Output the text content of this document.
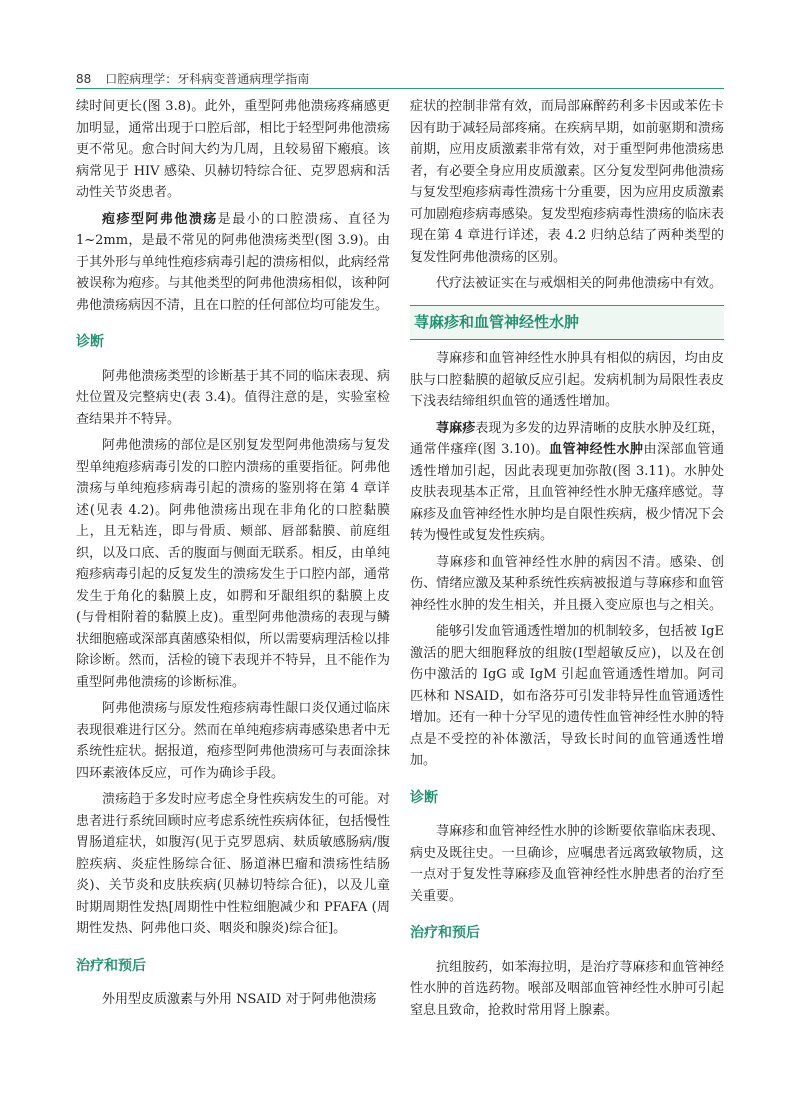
88 口腔病理学：牙科病变普通病理学指南

续时间更长(图 3.8)。此外，重型阿弗他溃疡疼痛感更加明显，通常出现于口腔后部，相比于轻型阿弗他溃疡更不常见。愈合时间大约为几周，且较易留下瘢痕。该病常见于 HIV 感染、贝赫切特综合征、克罗恩病和活动性关节炎患者。

疱疹型阿弗他溃疡是最小的口腔溃疡、直径为 1~2mm，是最不常见的阿弗他溃疡类型(图 3.9)。由于其外形与单纯性疱疹病毒引起的溃疡相似，此病经常被误称为疱疹。与其他类型的阿弗他溃疡相似，该种阿弗他溃疡病因不清，且在口腔的任何部位均可能发生。

诊断

阿弗他溃疡类型的诊断基于其不同的临床表现、病灶位置及完整病史(表 3.4)。值得注意的是，实验室检查结果并不特异。

阿弗他溃疡的部位是区别复发型阿弗他溃疡与复发型单纯疱疹病毒引发的口腔内溃疡的重要指征。阿弗他溃疡与单纯疱疹病毒引起的溃疡的鉴别将在第 4 章详述(见表 4.2)。阿弗他溃疡出现在非角化的口腔黏膜上，且无粘连，即与骨质、颊部、唇部黏膜、前庭组织，以及口底、舌的腹面与侧面无联系。相反，由单纯疱疹病毒引起的反复发生的溃疡发生于口腔内部，通常发生于角化的黏膜上皮，如腭和牙龈组织的黏膜上皮(与骨相附着的黏膜上皮)。重型阿弗他溃疡的表现与鳞状细胞癌或深部真菌感染相似，所以需要病理活检以排除诊断。然而，活检的镜下表现并不特异，且不能作为重型阿弗他溃疡的诊断标准。

阿弗他溃疡与原发性疱疹病毒性龈口炎仅通过临床表现很难进行区分。然而在单纯疱疹病毒感染患者中无系统性症状。据报道，疱疹型阿弗他溃疡可与表面涂抹四环素液体反应，可作为确诊手段。

溃疡趋于多发时应考虑全身性疾病发生的可能。对患者进行系统回顾时应考虑系统性疾病体征，包括慢性胃肠道症状，如腹泻(见于克罗恩病、麸质敏感肠病/腹腔疾病、炎症性肠综合征、肠道淋巴瘤和溃疡性结肠炎)、关节炎和皮肤疾病(贝赫切特综合征)，以及儿童时期周期性发热[周期性中性粒细胞减少和 PFAFA (周期性发热、阿弗他口炎、咽炎和腺炎)综合征]。

治疗和预后

外用型皮质激素与外用 NSAID 对于阿弗他溃疡

症状的控制非常有效，而局部麻醉药利多卡因或苯佐卡因有助于减轻局部疼痛。在疾病早期，如前驱期和溃疡前期，应用皮质激素非常有效，对于重型阿弗他溃疡患者，有必要全身应用皮质激素。区分复发型阿弗他溃疡与复发型疱疹病毒性溃疡十分重要，因为应用皮质激素可加剧疱疹病毒感染。复发型疱疹病毒性溃疡的临床表现在第 4 章进行详述，表 4.2 归纳总结了两种类型的复发性阿弗他溃疡的区别。

代疗法被证实在与戒烟相关的阿弗他溃疡中有效。

荨麻疹和血管神经性水肿

荨麻疹和血管神经性水肿具有相似的病因，均由皮肤与口腔黏膜的超敏反应引起。发病机制为局限性表皮下浅表结缔组织血管的通透性增加。

荨麻疹表现为多发的边界清晰的皮肤水肿及红斑，通常伴瘙痒(图 3.10)。血管神经性水肿由深部血管通透性增加引起，因此表现更加弥散(图 3.11)。水肿处皮肤表现基本正常，且血管神经性水肿无瘙痒感觉。荨麻疹及血管神经性水肿均是自限性疾病，极少情况下会转为慢性或复发性疾病。

荨麻疹和血管神经性水肿的病因不清。感染、创伤、情绪应激及某种系统性疾病被报道与荨麻疹和血管神经性水肿的发生相关，并且摄入变应原也与之相关。

能够引发血管通透性增加的机制较多，包括被 IgE 激活的肥大细胞释放的组胺(Ⅰ型超敏反应)，以及在创伤中激活的 IgG 或 IgM 引起血管通透性增加。阿司匹林和 NSAID，如布洛芬可引发非特异性血管通透性增加。还有一种十分罕见的遗传性血管神经性水肿的特点是不受控的补体激活，导致长时间的血管通透性增加。

诊断

荨麻疹和血管神经性水肿的诊断要依靠临床表现、病史及既往史。一旦确诊，应嘱患者远离致敏物质，这一点对于复发性荨麻疹及血管神经性水肿患者的治疗至关重要。

治疗和预后

抗组胺药，如苯海拉明，是治疗荨麻疹和血管神经性水肿的首选药物。喉部及咽部血管神经性水肿可引起窒息且致命，抢救时常用肾上腺素。
